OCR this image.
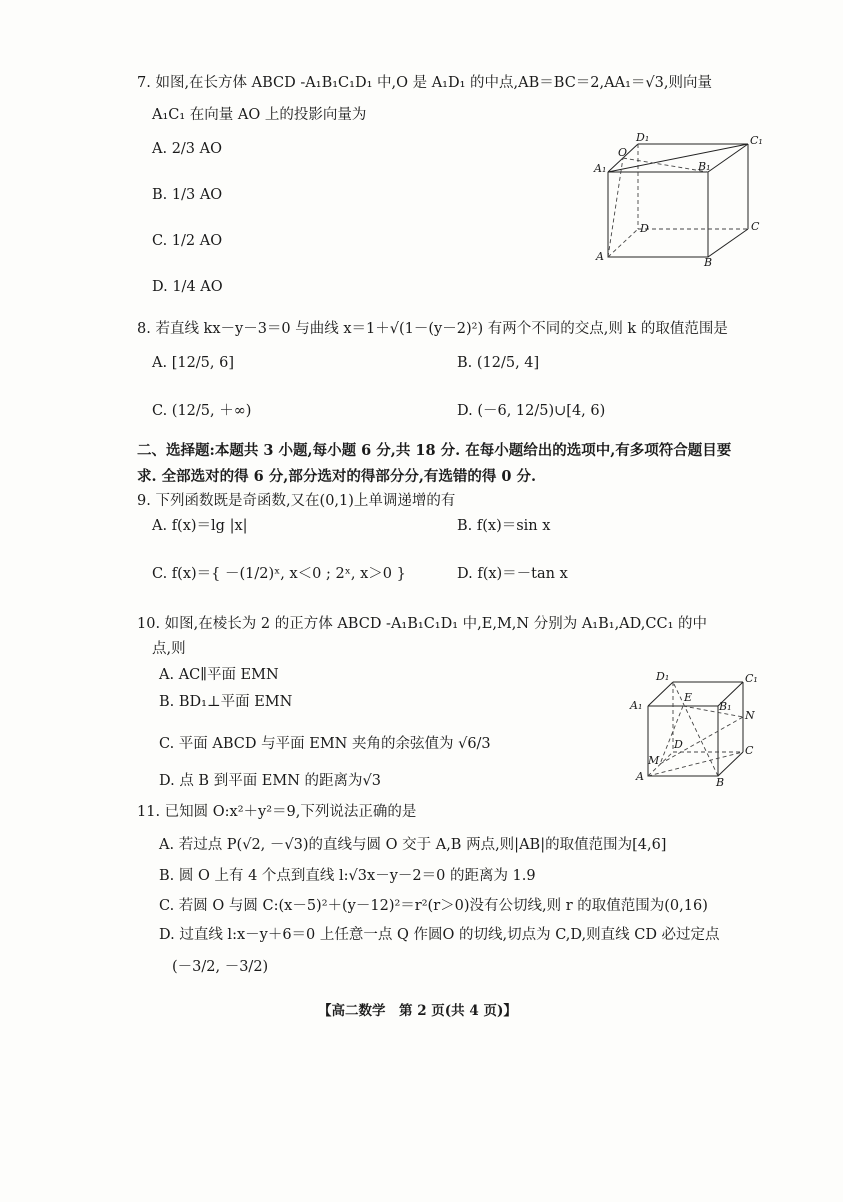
7. 如图,在长方体 ABCD -A₁B₁C₁D₁ 中,O 是 A₁D₁ 的中点,AB＝BC＝2,AA₁＝√3,则向量
A₁C₁ 在向量 AO 上的投影向量为
A. 2/3 AO
B. 1/3 AO
C. 1/2 AO
D. 1/4 AO
D₁	C₁
A₁
O
B₁
D	C
A	B
8. 若直线 kx－y－3＝0 与曲线 x＝1＋√(1－(y－2)²) 有两个不同的交点,则 k 的取值范围是
A. [12/5, 6]	B. (12/5, 4]
C. (12/5, ＋∞)	D. (－6, 12/5)∪[4, 6)
二、选择题:本题共 3 小题,每小题 6 分,共 18 分. 在每小题给出的选项中,有多项符合题目要
求. 全部选对的得 6 分,部分选对的得部分分,有选错的得 0 分.
9. 下列函数既是奇函数,又在(0,1)上单调递增的有
A. f(x)＝lg |x|	B. f(x)＝sin x
C. f(x)＝{ －(1/2)ˣ, x＜0 ; 2ˣ, x＞0 }	D. f(x)＝－tan x
10. 如图,在棱长为 2 的正方体 ABCD -A₁B₁C₁D₁ 中,E,M,N 分别为 A₁B₁,AD,CC₁ 的中
点,则
A. AC∥平面 EMN
B. BD₁⊥平面 EMN
C. 平面 ABCD 与平面 EMN 夹角的余弦值为 √6/3
D. 点 B 到平面 EMN 的距离为√3
D₁	C₁
A₁
E
B₁
N
D
M
C
A	B
11. 已知圆 O:x²＋y²＝9,下列说法正确的是
A. 若过点 P(√2, －√3)的直线与圆 O 交于 A,B 两点,则|AB|的取值范围为[4,6]
B. 圆 O 上有 4 个点到直线 l:√3x－y－2＝0 的距离为 1.9
C. 若圆 O 与圆 C:(x－5)²＋(y－12)²＝r²(r＞0)没有公切线,则 r 的取值范围为(0,16)
D. 过直线 l:x－y＋6＝0 上任意一点 Q 作圆O 的切线,切点为 C,D,则直线 CD 必过定点
(－3/2, －3/2)
【高二数学　第 2 页(共 4 页)】
